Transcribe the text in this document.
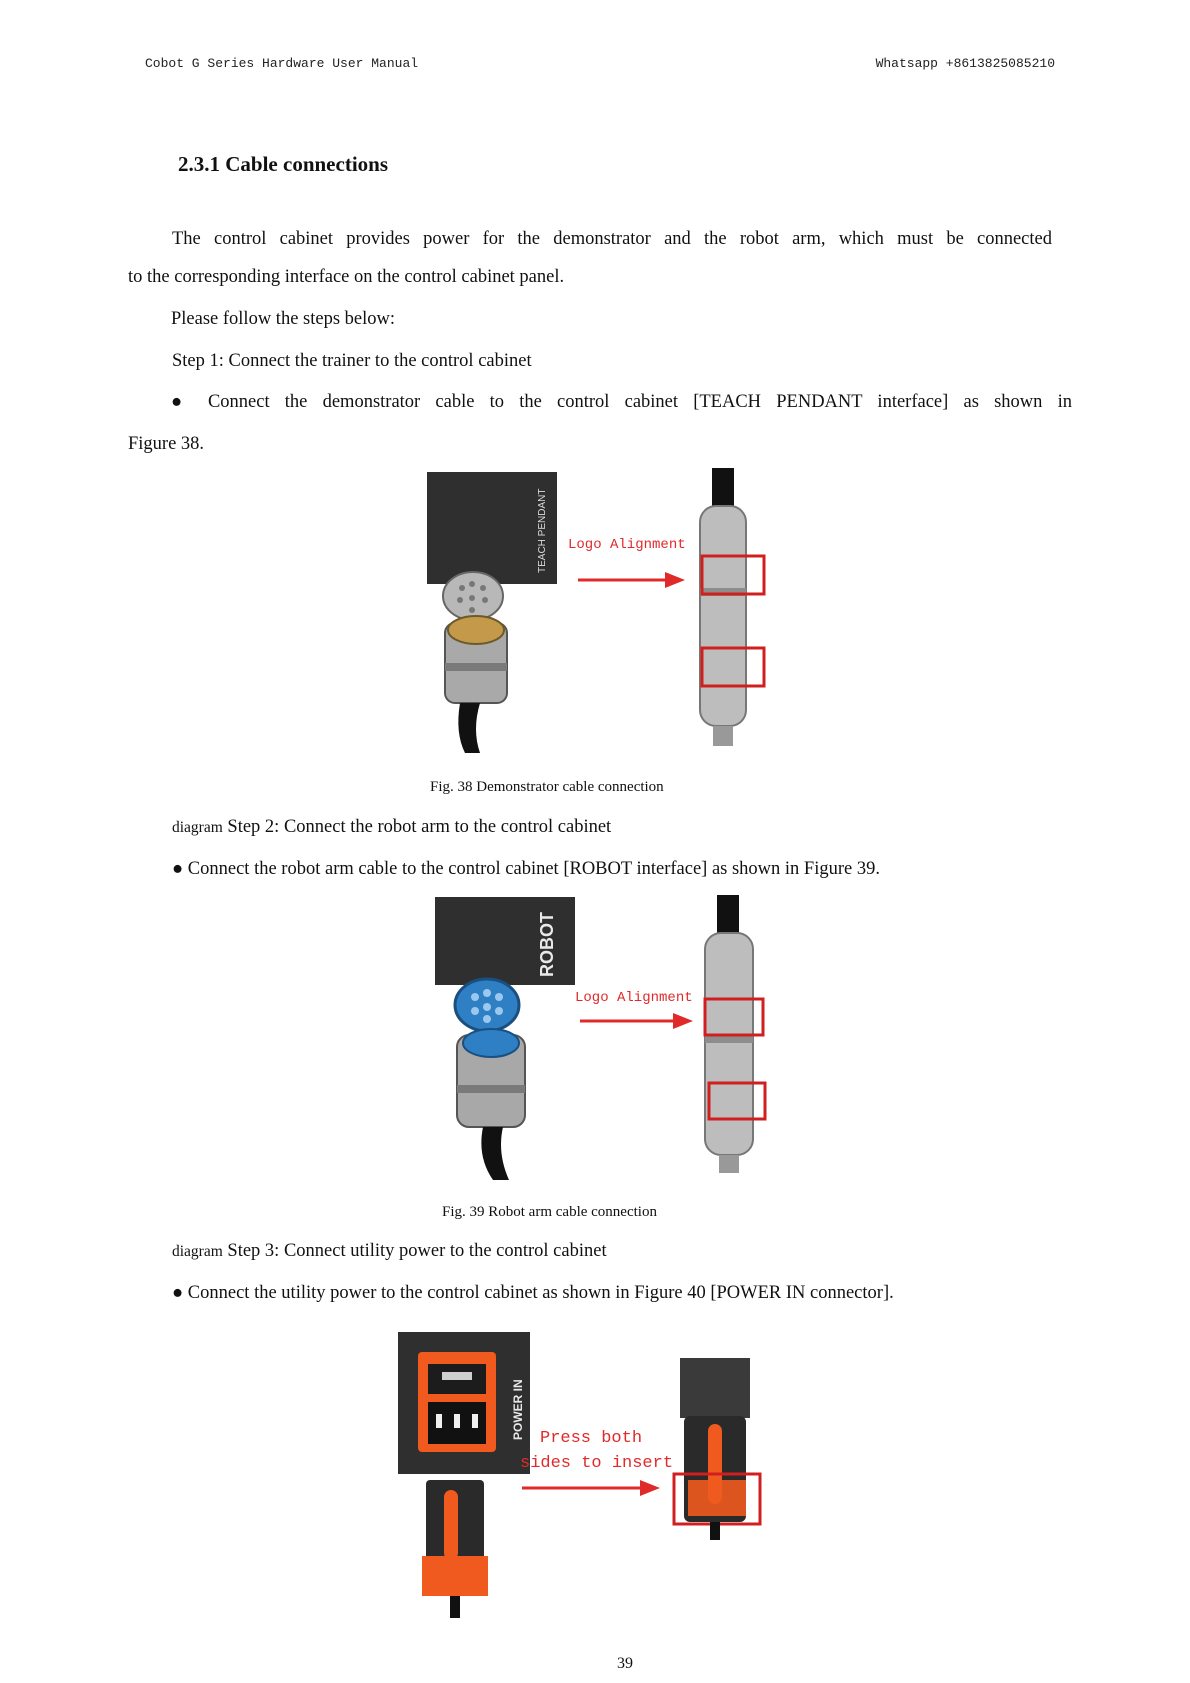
Cobot G Series Hardware User Manual	Whatsapp +8613825085210
2.3.1 Cable connections
The control cabinet provides power for the demonstrator and the robot arm, which must be connected
to the corresponding interface on the control cabinet panel.
Please follow the steps below:
Step 1: Connect the trainer to the control cabinet
● Connect the demonstrator cable to the control cabinet [TEACH PENDANT interface] as shown in
Figure 38.
TEACH PENDANT Logo Alignment
Fig. 38 Demonstrator cable connection
diagram Step 2: Connect the robot arm to the control cabinet
● Connect the robot arm cable to the control cabinet [ROBOT interface] as shown in Figure 39.
ROBOT
Logo Alignment
Fig. 39 Robot arm cable connection
diagram Step 3: Connect utility power to the control cabinet
● Connect the utility power to the control cabinet as shown in Figure 40 [POWER IN connector].
POWER IN Press both
sides to insert
39
